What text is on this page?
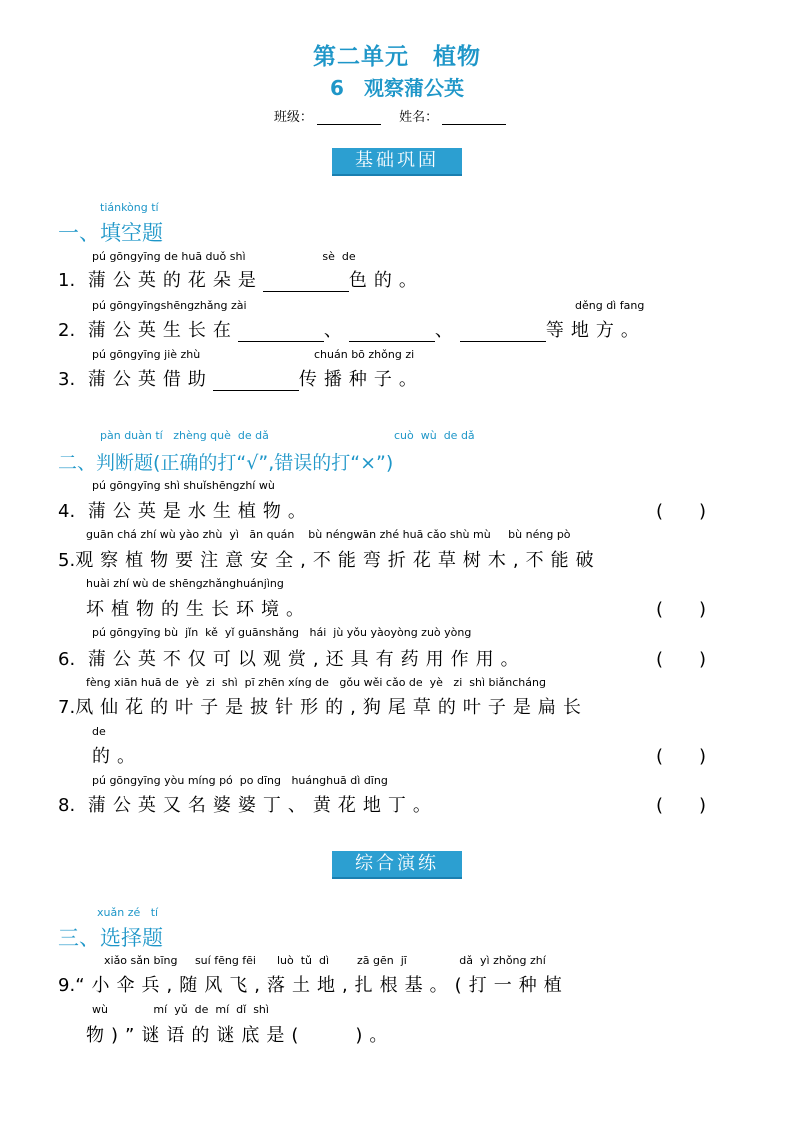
第二单元　植物
6　观察蒲公英
班级：	姓名：
基础巩固
tiánkòng tí
一、填空题
pú gōngyīng de huā duǒ shì                      sè  de
1. 蒲公英的花朵是	色的。
pú gōngyīngshēngzhǎng zài	děng dì fang
2. 蒲公英生长在	、	、	等地方。
pú gōngyīng jiè zhù	chuán bō zhǒng zi
3. 蒲公英借助	传播种子。
pàn duàn tí   zhèng què  de dǎ	cuò  wù  de dǎ
二、判断题(正确的打“√”,错误的打“×”)
pú gōngyīng shì shuǐshēngzhí wù
4. 蒲公英是水生植物。	(　　)
guān chá zhí wù yào zhù  yì   ān quán    bù néngwān zhé huā cǎo shù mù     bù néng pò
5.观察植物要注意安全,不能弯折花草树木,不能破
huài zhí wù de shēngzhǎnghuánjìng
坏植物的生长环境。	(　　)
pú gōngyīng bù  jǐn  kě  yǐ guānshǎng   hái  jù yǒu yàoyòng zuò yòng
6. 蒲公英不仅可以观赏,还具有药用作用。	(　　)
fèng xiān huā de  yè  zi  shì  pī zhēn xíng de   gǒu wěi cǎo de  yè   zi  shì biǎnchánɡ
7.凤仙花的叶子是披针形的,狗尾草的叶子是扁长
de
的。	(　　)
pú gōngyīng yòu míng pó  po dīng   huánghuā dì dīng
8. 蒲公英又名婆婆丁、黄花地丁。	(　　)
综合演练
xuǎn zé   tí
三、选择题
xiǎo sǎn bīng     suí fēng fēi      luò  tǔ  dì        zā gēn  jī               dǎ  yì zhǒng zhí
9.“小伞兵,随风飞,落土地,扎根基。(打一种植
wù             mí  yǔ  de  mí  dǐ  shì
物)”谜语的谜底是(　　)。
